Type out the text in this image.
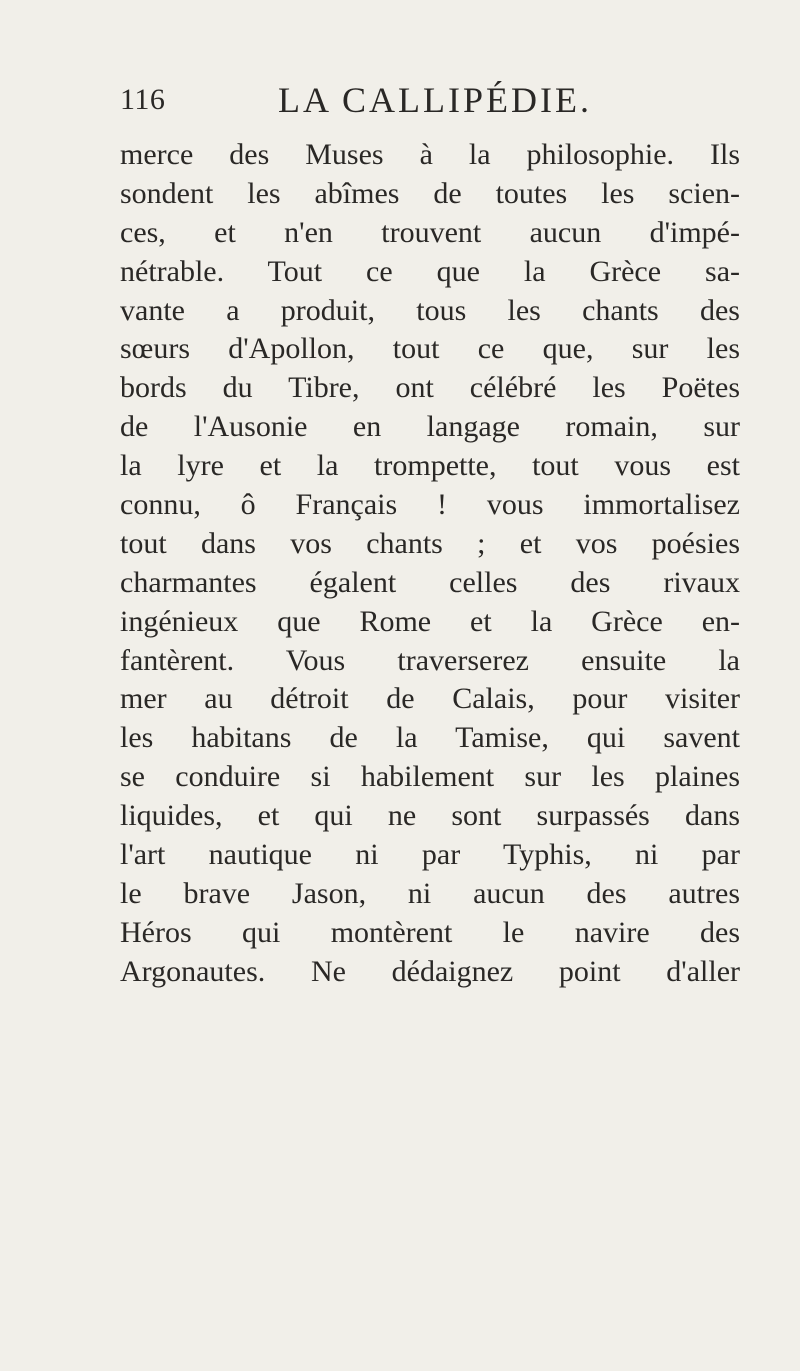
116	LA CALLIPÉDIE.
merce des Muses à la philosophie. Ils
sondent les abîmes de toutes les scien-
ces, et n'en trouvent aucun d'impé-
nétrable. Tout ce que la Grèce sa-
vante a produit, tous les chants des
sœurs d'Apollon, tout ce que, sur les
bords du Tibre, ont célébré les Poëtes
de l'Ausonie en langage romain, sur
la lyre et la trompette, tout vous est
connu, ô Français ! vous immortalisez
tout dans vos chants ; et vos poésies
charmantes égalent celles des rivaux
ingénieux que Rome et la Grèce en-
fantèrent. Vous traverserez ensuite la
mer au détroit de Calais, pour visiter
les habitans de la Tamise, qui savent
se conduire si habilement sur les plaines
liquides, et qui ne sont surpassés dans
l'art nautique ni par Typhis, ni par
le brave Jason, ni aucun des autres
Héros qui montèrent le navire des
Argonautes. Ne dédaignez point d'aller
